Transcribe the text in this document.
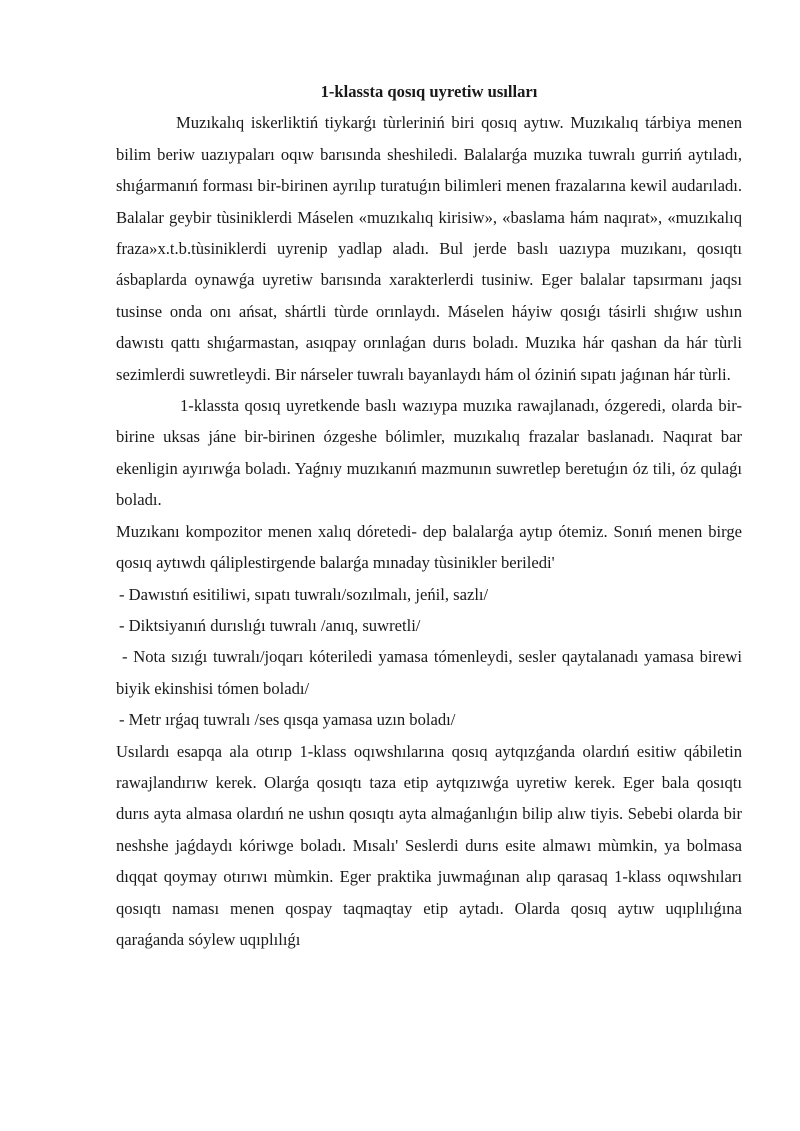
1-klassta qosıq uyretiw usılları

Muzıkalıq iskerliktiń tiykarǵı tùrleriniń biri qosıq aytıw. Muzıkalıq tárbiya menen bilim beriw uazıypaları oqıw barısında sheshiledi. Balalarǵa muzıka tuwralı gurriń aytıladı, shıǵarmanıń forması bir-birinen ayrılıp turatuǵın bilimleri menen frazalarına kewil audarıladı. Balalar geybir tùsiniklerdi Máselen «muzıkalıq kirisiw», «baslama hám naqırat», «muzıkalıq fraza»x.t.b.tùsiniklerdi uyrenip yadlap aladı. Bul jerde baslı uazıypa muzıkanı, qosıqtı ásbaplarda oynawǵa uyretiw barısında xarakterlerdi tusiniw. Eger balalar tapsırmanı jaqsı tusinse onda onı ańsat, shártli tùrde orınlaydı. Máselen háyiw qosıǵı tásirli shıǵıw ushın dawıstı qattı shıǵarmastan, asıqpay orınlaǵan durıs boladı. Muzıka hár qashan da hár tùrli sezimlerdi suwretleydi. Bir nárseler tuwralı bayanlaydı hám ol óziniń sıpatı jaǵınan hár tùrli.

1-klassta qosıq uyretkende baslı wazıypa muzıka rawajlanadı, ózgeredi, olarda bir-birine uksas jáne bir-birinen ózgeshe bólimler, muzıkalıq frazalar baslanadı. Naqırat bar ekenligin ayırıwǵa boladı. Yaǵnıy muzıkanıń mazmunın suwretlep beretuǵın óz tili, óz qulaǵı boladı.

Muzıkanı kompozitor menen xalıq dóretedi- dep balalarǵa aytıp ótemiz. Sonıń menen birge qosıq aytıwdı qáliplestirgende balarǵa mınaday tùsinikler beriledi'

- Dawıstıń esitiliwi, sıpatı tuwralı/sozılmalı, jeńil, sazlı/

- Diktsiyanıń durıslıǵı tuwralı /anıq, suwretli/

- Nota sızıǵı tuwralı/joqarı kóteriledi yamasa tómenleydi, sesler qaytalanadı yamasa birewi biyik ekinshisi tómen boladı/

- Metr ırǵaq tuwralı /ses qısqa yamasa uzın boladı/

Usılardı esapqa ala otırıp 1-klass oqıwshılarına qosıq aytqızǵanda olardıń esitiw qábiletin rawajlandırıw kerek. Olarǵa qosıqtı taza etip aytqızıwǵa uyretiw kerek. Eger bala qosıqtı durıs ayta almasa olardıń ne ushın qosıqtı ayta almaǵanlıǵın bilip alıw tiyis. Sebebi olarda bir neshshe jaǵdaydı kóriwge boladı. Mısalı' Seslerdi durıs esite almawı mùmkin, ya bolmasa dıqqat qoymay otırıwı mùmkin. Eger praktika juwmaǵınan alıp qarasaq 1-klass oqıwshıları qosıqtı naması menen qospay taqmaqtay etip aytadı. Olarda qosıq aytıw uqıplılıǵına qaraǵanda sóylew uqıplılıǵı
